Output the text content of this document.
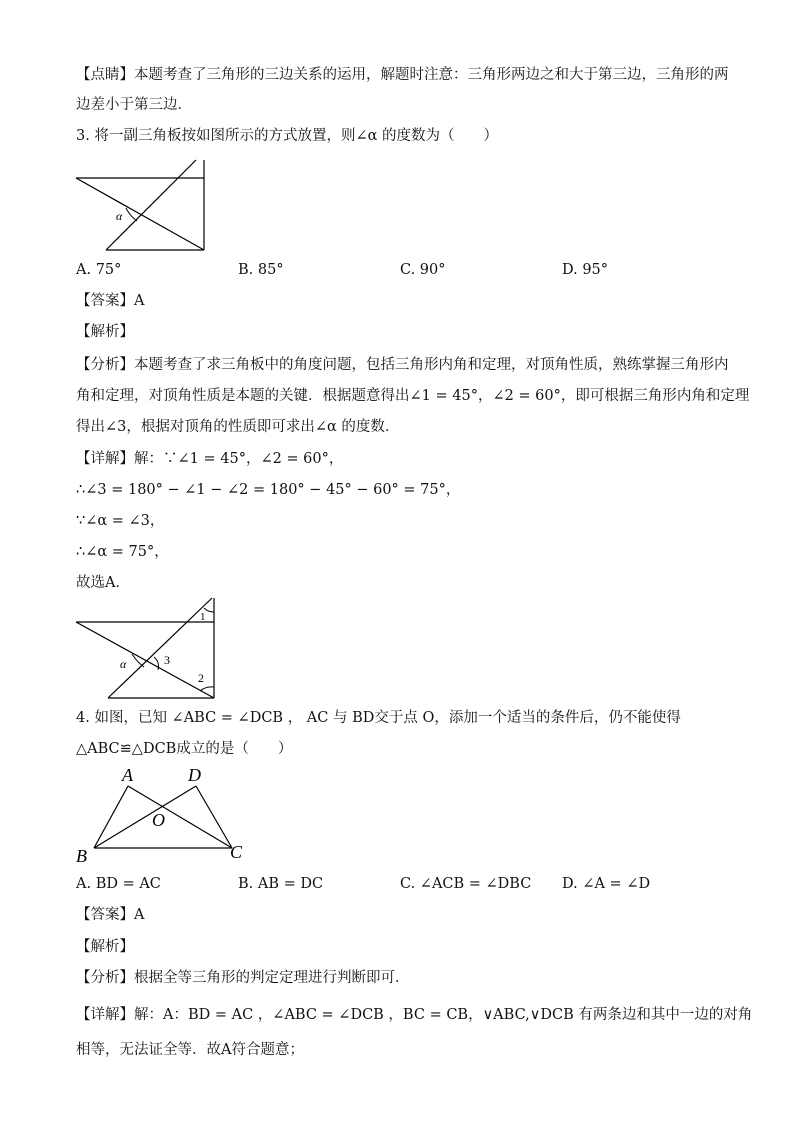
【点睛】本题考查了三角形的三边关系的运用，解题时注意：三角形两边之和大于第三边，三角形的两
边差小于第三边．
3. 将一副三角板按如图所示的方式放置，则∠α 的度数为（　　）
α
A. 75°	B. 85°	C. 90°	D. 95°
【答案】A
【解析】
【分析】本题考查了求三角板中的角度问题，包括三角形内角和定理，对顶角性质，熟练掌握三角形内
角和定理，对顶角性质是本题的关键．根据题意得出∠1 = 45°，∠2 = 60°，即可根据三角形内角和定理
得出∠3，根据对顶角的性质即可求出∠α 的度数．
【详解】解：∵∠1 = 45°，∠2 = 60°，
∴∠3 = 180° − ∠1 − ∠2 = 180° − 45° − 60° = 75°，
∵∠α = ∠3，
∴∠α = 75°，
故选A．
α	3
1
2
4. 如图，已知 ∠ABC = ∠DCB ， AC 与 BD交于点 O，添加一个适当的条件后，仍不能使得
△ABC≌△DCB成立的是（　　）
A	D
O
B	C
A. BD = AC	B. AB = DC	C. ∠ACB = ∠DBC D. ∠A = ∠D
【答案】A
【解析】
【分析】根据全等三角形的判定定理进行判断即可．
【详解】解：A：BD = AC ，∠ABC = ∠DCB ，BC = CB，∨ABC,∨DCB 有两条边和其中一边的对角
相等，无法证全等．故A符合题意；
